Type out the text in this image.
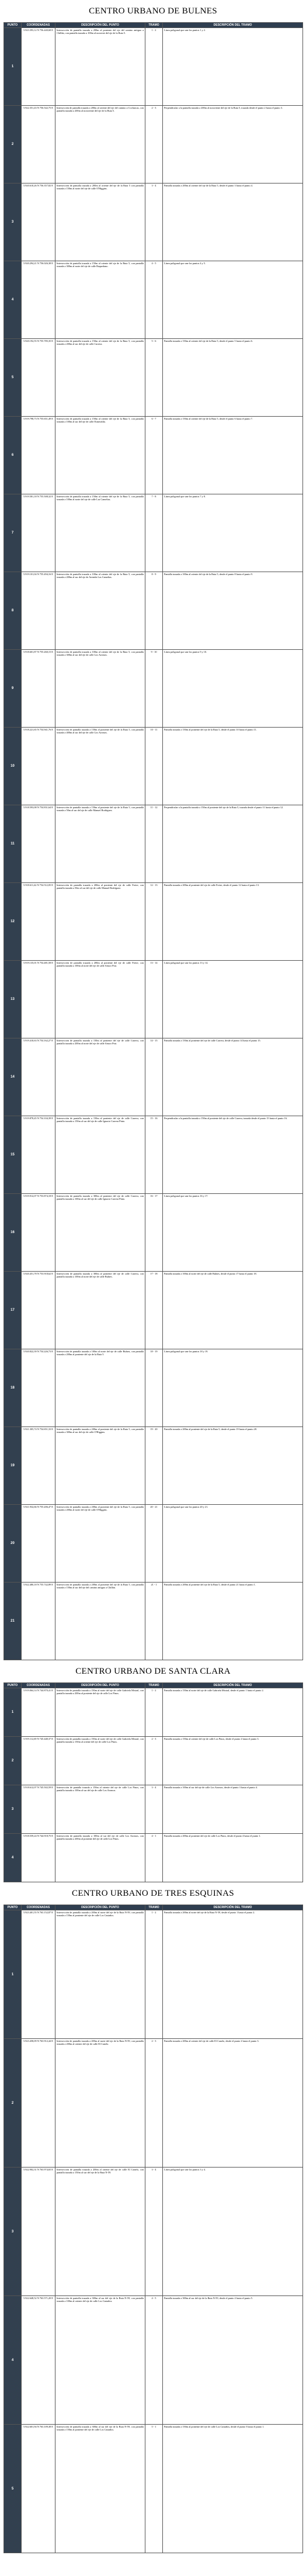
CENTRO URBANO DE BULNES
PUNTO	COORDENADAS	DESCRIPCIÓN DEL PUNTO	TRAMO	DESCRIPCIÓN DEL TRAMO
1	5.923.393,12 N 756.440,68 E	Intersección de pantalla trazada a 200m al poniente del eje del camino antiguo a Chillán, con pantalla trazada a 100m al noroeste del eje de la Ruta 5.	1 - 2	Línea poligonal que une los puntos 1 y 2.
2	5.922.351,43 N 756.542,75 E	Intersección de pantalla trazada a 200m al oriente del eje del camino a Cocharcas, con pantalla trazada a 200m al nororiente del eje de la Ruta 5.	2 - 3	Perpendicular a la pantalla trazada a 200m al nororiente del eje de la Ruta 5, trazada desde el punto 2 hasta el punto 3.
3	5.920.610,26 N 756.357,82 E	Intersección de pantalla trazada a 200m al oriente del eje de la Ruta 5 con pantalla trazada a 150m al norte del eje de calle O'Higgins.	3 - 4	Pantalla trazada a 200m al oriente del eje de la Ruta 5, desde el punto 3 hasta el punto 4.
4	5.920.294,21 N 756.026,38 E	Intersección de pantalla trazada a 150m al oriente del eje de la Ruta 5, con pantalla trazada a 300m al norte del eje de calle Baquedano.	4 - 5	Línea poligonal que une los puntos 4 y 5.
5	5.920.192,55 N 755.785,35 E	Intersección de pantalla trazada a 150m al oriente del eje de la Ruta 5, con pantalla trazada a 200m al sur del eje de calle Carrera.	5 - 6	Pantalla trazada a 150m al oriente del eje de la Ruta 5, desde el punto 5 hasta el punto 6.
6	5.919.798,73 N 755.651,49 E	Intersección de pantalla trazada a 150m al oriente del eje de la Ruta 5, con pantalla trazada a 100m al sur del eje de calle Esmeralda.	6 - 7	Pantalla trazada a 150m al oriente del eje de la Ruta 5, desde el punto 6 hasta el punto 7.
7	5.919.581,18 N 755.508,32 E	Intersección de pantalla trazada a 150m al oriente del eje de la Ruta 5, con pantalla trazada a 100m al norte del eje de calle Las Camelias.	7 - 8	Línea poligonal que une los puntos 7 y 8.
8	5.919.101,04 N 755.494,16 E	Intersección de pantalla trazada a 100m al oriente del eje de la Ruta 5, con pantalla trazada a 200m al sur del eje de Avenida Las Camelias.	8 - 9	Pantalla trazada a 100m al oriente del eje de la Ruta 5, desde el punto 8 hasta el punto 9.
9	5.918.601,87 N 755.260,15 E	Intersección de pantalla trazada a 100m al oriente del eje de la Ruta 5, con pantalla trazada a 300m al sur del eje de calle Los Aromos.	9 - 10	Línea poligonal que une los puntos 9 y 10.
10	5.918.221,65 N 754.941,76 E	Intersección de pantalla trazada a 150m al poniente del eje de la Ruta 5, con pantalla trazada a 400m al sur del eje de calle Los Aromos.	10 - 11	Pantalla trazada a 150m al poniente del eje de la Ruta 5, desde el punto 10 hasta el punto 11.
11	5.918.593,08 N 754.831,64 E	Intersección de pantalla trazada a 150m al poniente del eje de la Ruta 5, con pantalla trazada a 50m al sur del eje de calle Manuel Rodríguez.	11 - 12	Perpendicular a la pantalla trazada a 150m al poniente del eje de la Ruta 5, trazada desde el punto 11 hasta el punto 12.
12	5.918.611,42 N 754.512,05 E	Intersección de pantalla trazada a 200m al poniente del eje de calle Freire, con pantalla trazada a 50m al sur del eje de calle Manuel Rodríguez.	12 - 13	Pantalla trazada a 200m al poniente del eje de calle Freire, desde el punto 12 hasta el punto 13.
13	5.919.135,01 N 754.481,58 E	Intersección de pantalla trazada a 200m al poniente del eje de calle Freire, con pantalla trazada a 100m al norte del eje de calle Arturo Prat.	13 - 14	Línea poligonal que une los puntos 13 y 14.
14	5.919.410,63 N 754.162,27 E	Intersección de pantalla trazada a 150m al poniente del eje de calle Carrera, con pantalla trazada a 200m al norte del eje de calle Arturo Prat.	14 - 15	Pantalla trazada a 150m al poniente del eje de calle Carrera, desde el punto 14 hasta el punto 15.
15	5.919.878,45 N 754.104,39 E	Intersección de pantalla trazada a 150m al poniente del eje de calle Carrera, con pantalla trazada a 150m al sur del eje de calle Ignacio Carrera Pinto.	15 - 16	Perpendicular a la pantalla trazada a 150m al poniente del eje de calle Carrera, trazada desde el punto 15 hasta el punto 16.
16	5.919.912,07 N 753.874,18 E	Intersección de pantalla trazada a 300m al poniente del eje de calle Carrera, con pantalla trazada a 100m al sur del eje de calle Ignacio Carrera Pinto.	16 - 17	Línea poligonal que une los puntos 16 y 17.
17	5.920.451,78 N 753.918,62 E	Intersección de pantalla trazada a 300m al poniente del eje de calle Carrera, con pantalla trazada a 100m al norte del eje de calle Bulnes.	17 - 18	Pantalla trazada a 100m al norte del eje de calle Bulnes, desde el punto 17 hasta el punto 18.
18	5.920.822,39 N 754.226,73 E	Intersección de pantalla trazada a 100m al norte del eje de calle Bulnes, con pantalla trazada a 200m al poniente del eje de la Ruta 5.	18 - 19	Línea poligonal que une los puntos 18 y 19.
19	5.921.305,74 N 754.651,33 E	Intersección de pantalla trazada a 200m al poniente del eje de la Ruta 5, con pantalla trazada a 300m al sur del eje de calle O'Higgins.	19 - 20	Pantalla trazada a 200m al poniente del eje de la Ruta 5, desde el punto 19 hasta el punto 20.
20	5.921.932,66 N 755.206,47 E	Intersección de pantalla trazada a 200m al poniente del eje de la Ruta 5, con pantalla trazada a 200m al norte del eje de calle O'Higgins.	20 - 21	Línea poligonal que une los puntos 20 y 21.
21	5.922.480,18 N 755.742,89 E	Intersección de pantalla trazada a 200m al poniente del eje de la Ruta 5, con pantalla trazada a 150m al sur del eje del camino antiguo a Chillán.	21 - 1	Pantalla trazada a 200m al poniente del eje de la Ruta 5, desde el punto 21 hasta el punto 1.
CENTRO URBANO DE SANTA CLARA
PUNTO	COORDENADAS	DESCRIPCIÓN DEL PUNTO	TRAMO	DESCRIPCIÓN DEL TRAMO
1	5.919.064,14 N 744.870,41 E	Intersección de pantalla trazada a 150m al norte del eje de calle Gabriela Mistral, con pantalla trazada a 200m al poniente del eje de calle Los Pinos.	1 - 2	Pantalla trazada a 150m al norte del eje de calle Gabriela Mistral, desde el punto 1 hasta el punto 2.
2	5.919.112,69 N 745.448,37 E	Intersección de pantalla trazada a 150m al norte del eje de calle Gabriela Mistral, con pantalla trazada a 150m al oriente del eje de calle Los Pinos.	2 - 3	Pantalla trazada a 150m al oriente del eje de calle Los Pinos, desde el punto 2 hasta el punto 3.
3	5.918.612,07 N 745.502,59 E	Intersección de pantalla trazada a 150m al oriente del eje de calle Los Pinos, con pantalla trazada a 100m al sur del eje de calle Los Aromos.	3 - 4	Pantalla trazada a 100m al sur del eje de calle Los Aromos, desde el punto 3 hasta el punto 4.
4	5.918.559,24 N 744.918,75 E	Intersección de pantalla trazada a 100m al sur del eje de calle Los Aromos, con pantalla trazada a 200m al poniente del eje de calle Los Pinos.	4 - 1	Pantalla trazada a 200m al poniente del eje de calle Los Pinos, desde el punto 4 hasta el punto 1.
CENTRO URBANO DE TRES ESQUINAS
PUNTO	COORDENADAS	DESCRIPCIÓN DEL PUNTO	TRAMO	DESCRIPCIÓN DEL TRAMO
1	5.923.401,55 N 763.152,87 E	Intersección de pantalla trazada a 200m al norte del eje de la Ruta N-59, con pantalla trazada a 150m al poniente del eje de calle Los Castaños.	1 - 2	Pantalla trazada a 200m al norte del eje de la Ruta N-59, desde el punto 1 hasta el punto 2.
2	5.923.458,09 N 763.912,44 E	Intersección de pantalla trazada a 200m al norte del eje de la Ruta N-59, con pantalla trazada a 200m al oriente del eje de calle El Canelo.	2 - 3	Pantalla trazada a 200m al oriente del eje de calle El Canelo, desde el punto 2 hasta el punto 3.
3	5.922.902,31 N 763.974,65 E	Intersección de pantalla trazada a 200m al oriente del eje de calle El Canelo, con pantalla trazada a 150m al sur del eje de la Ruta N-59.	3 - 4	Línea poligonal que une los puntos 3 y 4.
4	5.922.648,52 N 763.571,20 E	Intersección de pantalla trazada a 300m al sur del eje de la Ruta N-59, con pantalla trazada a 100m al oriente del eje de calle Los Castaños.	4 - 5	Pantalla trazada a 300m al sur del eje de la Ruta N-59, desde el punto 4 hasta el punto 5.
5	5.922.601,94 N 763.109,38 E	Intersección de pantalla trazada a 300m al sur del eje de la Ruta N-59, con pantalla trazada a 150m al poniente del eje de calle Los Castaños.	5 - 1	Pantalla trazada a 150m al poniente del eje de calle Los Castaños, desde el punto 5 hasta el punto 1.
